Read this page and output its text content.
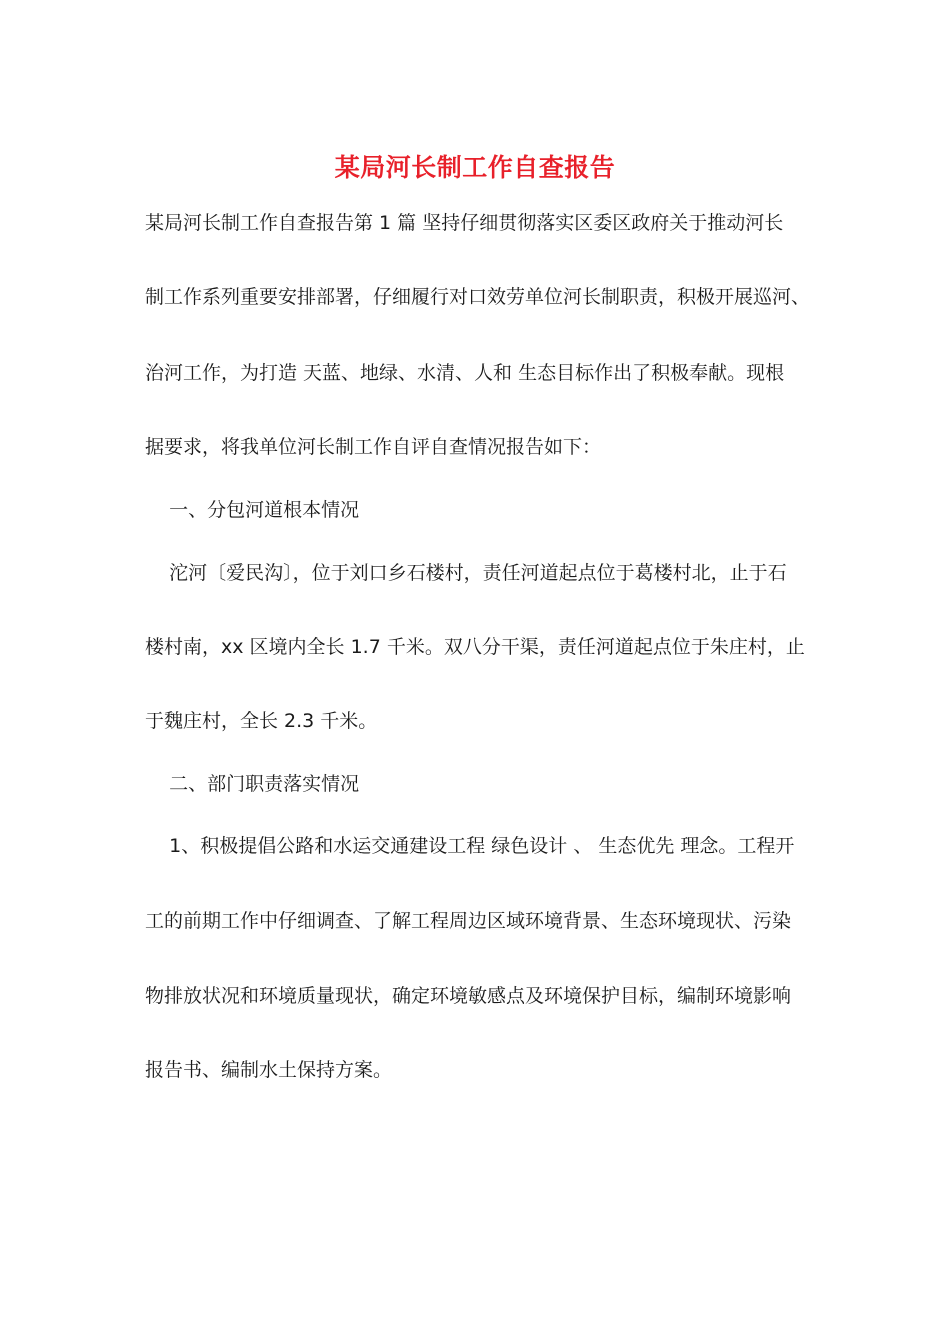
某局河长制工作自查报告
某局河长制工作自查报告第 1 篇 坚持仔细贯彻落实区委区政府关于推动河长
制工作系列重要安排部署，仔细履行对口效劳单位河长制职责，积极开展巡河、
治河工作，为打造 天蓝、地绿、水清、人和 生态目标作出了积极奉献。现根
据要求，将我单位河长制工作自评自查情况报告如下：
一、分包河道根本情况
沱河〔爱民沟〕，位于刘口乡石楼村，责任河道起点位于葛楼村北，止于石
楼村南，xx 区境内全长 1.7 千米。双八分干渠，责任河道起点位于朱庄村，止
于魏庄村，全长 2.3 千米。
二、部门职责落实情况
1、积极提倡公路和水运交通建设工程 绿色设计 、 生态优先 理念。工程开
工的前期工作中仔细调查、了解工程周边区域环境背景、生态环境现状、污染
物排放状况和环境质量现状，确定环境敏感点及环境保护目标，编制环境影响
报告书、编制水土保持方案。
